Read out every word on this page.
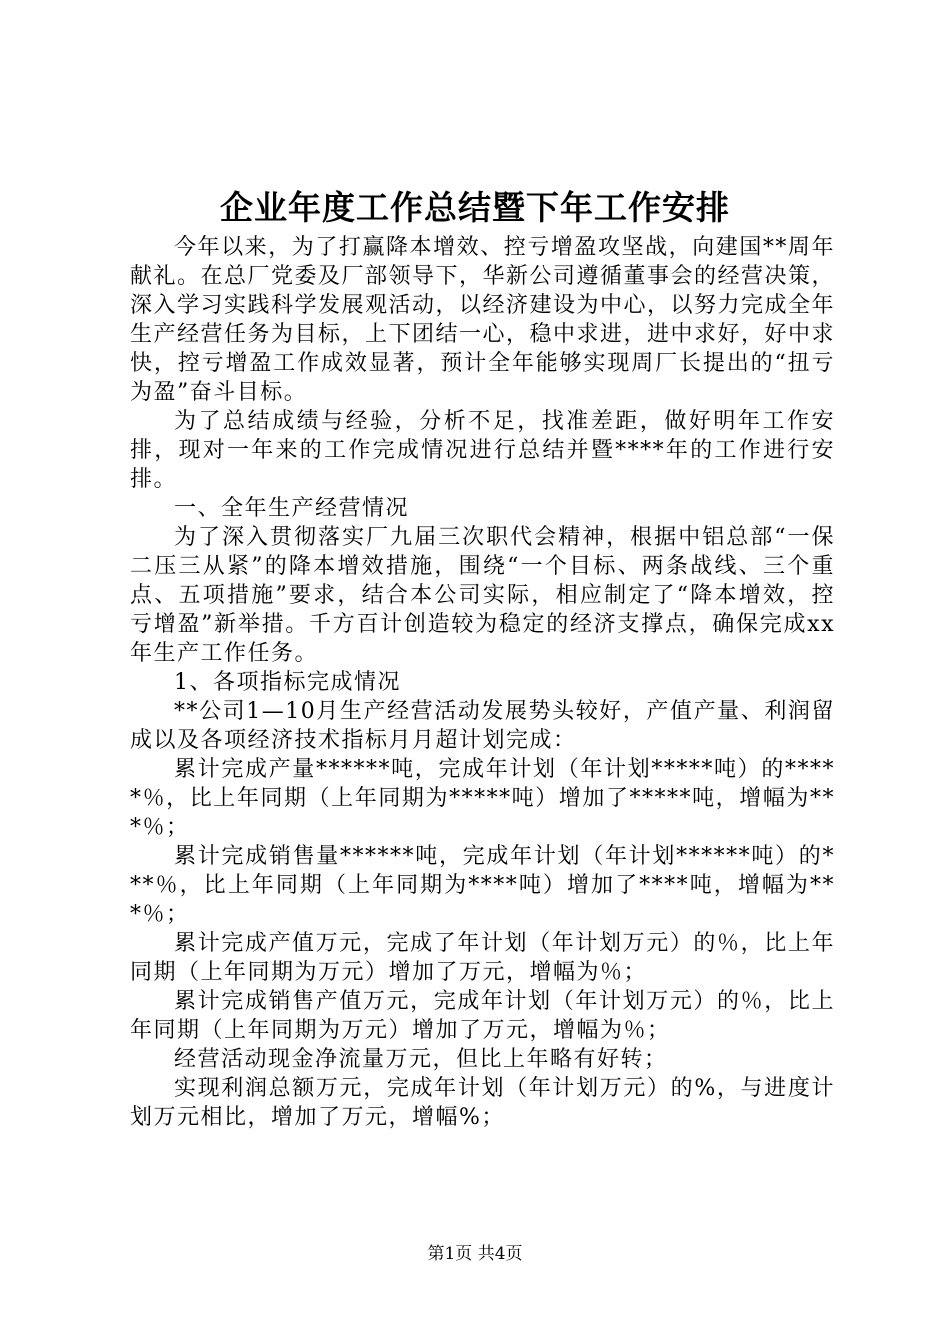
企业年度工作总结暨下年工作安排

今年以来，为了打赢降本增效、控亏增盈攻坚战，向建国**周年献礼。在总厂党委及厂部领导下，华新公司遵循董事会的经营决策，深入学习实践科学发展观活动，以经济建设为中心，以努力完成全年生产经营任务为目标，上下团结一心，稳中求进，进中求好，好中求快，控亏增盈工作成效显著，预计全年能够实现周厂长提出的“扭亏为盈”奋斗目标。

为了总结成绩与经验，分析不足，找准差距，做好明年工作安排，现对一年来的工作完成情况进行总结并暨****年的工作进行安排。

一、全年生产经营情况

为了深入贯彻落实厂九届三次职代会精神，根据中铝总部“一保二压三从紧”的降本增效措施，围绕“一个目标、两条战线、三个重点、五项措施”要求，结合本公司实际，相应制定了“降本增效，控亏增盈”新举措。千方百计创造较为稳定的经济支撑点，确保完成xx年生产工作任务。

1、各项指标完成情况

**公司1—10月生产经营活动发展势头较好，产值产量、利润留成以及各项经济技术指标月月超计划完成：

累计完成产量******吨，完成年计划（年计划*****吨）的*****％，比上年同期（上年同期为*****吨）增加了*****吨，增幅为***％；

累计完成销售量******吨，完成年计划（年计划******吨）的***％，比上年同期（上年同期为****吨）增加了****吨，增幅为***％；

累计完成产值万元，完成了年计划（年计划万元）的％，比上年同期（上年同期为万元）增加了万元，增幅为％；

累计完成销售产值万元，完成年计划（年计划万元）的％，比上年同期（上年同期为万元）增加了万元，增幅为％；

经营活动现金净流量万元，但比上年略有好转；

实现利润总额万元，完成年计划（年计划万元）的%，与进度计划万元相比，增加了万元，增幅%；

第1页 共4页
